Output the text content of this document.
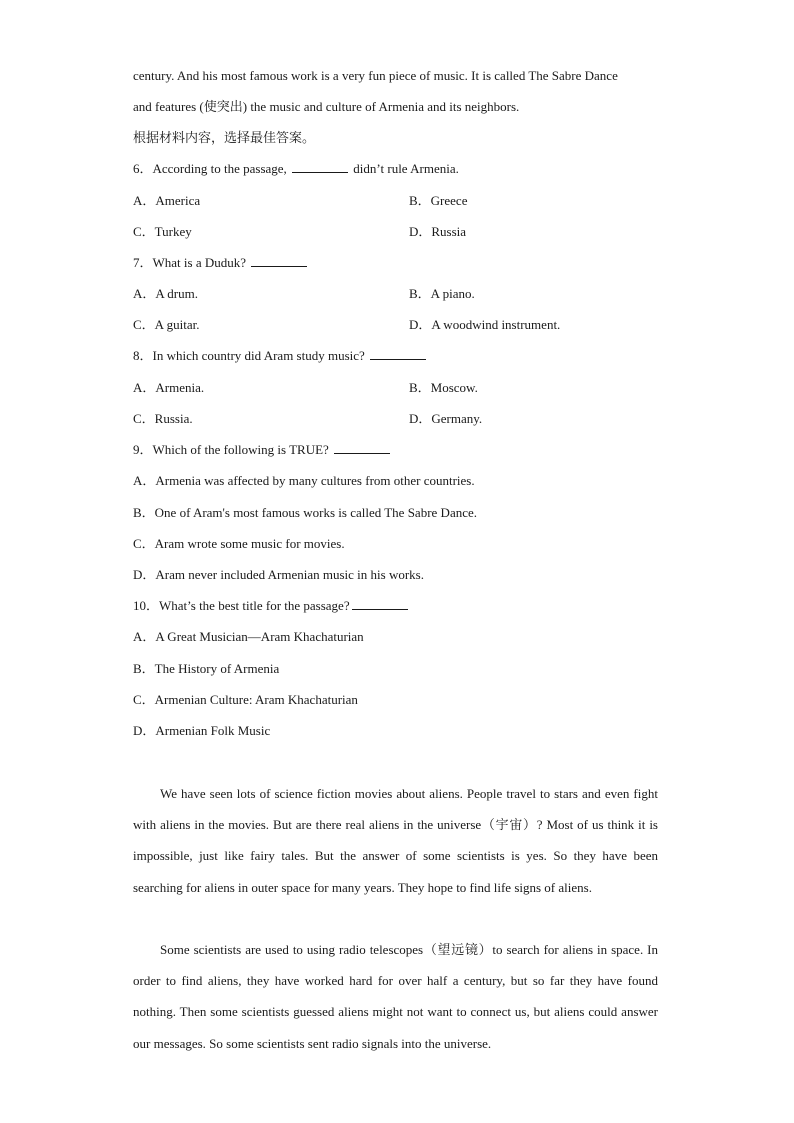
century. And his most famous work is a very fun piece of music. It is called The Sabre Dance
and features (使突出) the music and culture of Armenia and its neighbors.
根据材料内容，选择最佳答案。
6．According to the passage,	didn’t rule Armenia.
A．America	B．Greece
C．Turkey	D．Russia
7．What is a Duduk?
A．A drum.	B．A piano.
C．A guitar.	D．A woodwind instrument.
8．In which country did Aram study music?
A．Armenia.	B．Moscow.
C．Russia.	D．Germany.
9．Which of the following is TRUE?
A．Armenia was affected by many cultures from other countries.
B．One of Aram's most famous works is called The Sabre Dance.
C．Aram wrote some music for movies.
D．Aram never included Armenian music in his works.
10．What’s the best title for the passage?
A．A Great Musician—Aram Khachaturian
B．The History of Armenia
C．Armenian Culture: Aram Khachaturian
D．Armenian Folk Music
We have seen lots of science fiction movies about aliens. People travel to stars and even fight with aliens in the movies. But are there real aliens in the universe（宇宙）? Most of us think it is impossible, just like fairy tales. But the answer of some scientists is yes. So they have been searching for aliens in outer space for many years. They hope to find life signs of aliens.
Some scientists are used to using radio telescopes（望远镜）to search for aliens in space. In order to find aliens, they have worked hard for over half a century, but so far they have found nothing. Then some scientists guessed aliens might not want to connect us, but aliens could answer our messages. So some scientists sent radio signals into the universe.
